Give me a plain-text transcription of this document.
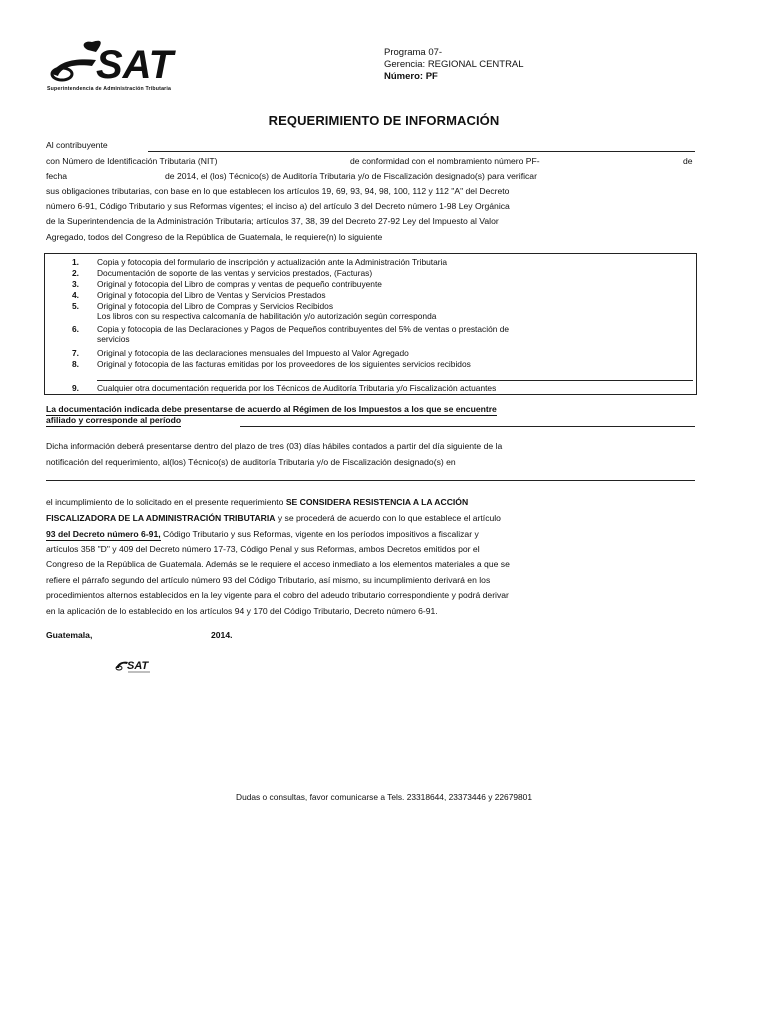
SAT
Superintendencia de Administración Tributaria
Programa 07-
Gerencia: REGIONAL CENTRAL
Número: PF
REQUERIMIENTO DE INFORMACIÓN
Al contribuyente
con Número de Identificación Tributaria (NIT)	de conformidad con el nombramiento número PF-	de
fecha	de 2014, el (los) Técnico(s) de Auditoría Tributaria y/o de Fiscalización designado(s) para verificar
sus obligaciones tributarias, con base en lo que establecen los artículos 19, 69, 93, 94, 98, 100, 112 y 112 "A" del Decreto
número 6-91, Código Tributario y sus Reformas vigentes; el inciso a) del artículo 3 del Decreto número 1-98 Ley Orgánica
de la Superintendencia de la Administración Tributaria; artículos 37, 38, 39 del Decreto 27-92 Ley del Impuesto al Valor
Agregado, todos del Congreso de la República de Guatemala, le requiere(n) lo siguiente
1. Copia y fotocopia del formulario de inscripción y actualización ante la Administración Tributaria
2. Documentación de soporte de las ventas y servicios prestados, (Facturas)
3. Original y fotocopia del Libro de compras y ventas de pequeño contribuyente
4. Original y fotocopia del Libro de Ventas y Servicios Prestados
5. Original y fotocopia del Libro de Compras y Servicios Recibidos
Los libros con su respectiva calcomanía de habilitación y/o autorización según corresponda
6. Copia y fotocopia de las Declaraciones y Pagos de Pequeños contribuyentes del 5% de ventas o prestación de
servicios
7. Original y fotocopia de las declaraciones mensuales del Impuesto al Valor Agregado
8. Original y fotocopia de las facturas emitidas por los proveedores de los siguientes servicios recibidos
9. Cualquier otra documentación requerida por los Técnicos de Auditoría Tributaria y/o Fiscalización actuantes
La documentación indicada debe presentarse de acuerdo al Régimen de los Impuestos a los que se encuentre
afiliado y corresponde al período
Dicha información deberá presentarse dentro del plazo de tres (03) días hábiles contados a partir del día siguiente de la
notificación del requerimiento, al(los) Técnico(s) de auditoría Tributaria y/o de Fiscalización designado(s) en
el incumplimiento de lo solicitado en el presente requerimiento SE CONSIDERA RESISTENCIA A LA ACCIÓN
FISCALIZADORA DE LA ADMINISTRACIÓN TRIBUTARIA y se procederá de acuerdo con lo que establece el artículo
93 del Decreto número 6-91, Código Tributario y sus Reformas, vigente en los períodos impositivos a fiscalizar y
artículos 358 "D" y 409 del Decreto número 17-73, Código Penal y sus Reformas, ambos Decretos emitidos por el
Congreso de la República de Guatemala. Además se le requiere el acceso inmediato a los elementos materiales a que se
refiere el párrafo segundo del artículo número 93 del Código Tributario, así mismo, su incumplimiento derivará en los
procedimientos alternos establecidos en la ley vigente para el cobro del adeudo tributario correspondiente y podrá derivar
en la aplicación de lo establecido en los artículos 94 y 170 del Código Tributario, Decreto número 6-91.
Guatemala,	2014.
SAT
Dudas o consultas, favor comunicarse a Tels. 23318644, 23373446 y 22679801
